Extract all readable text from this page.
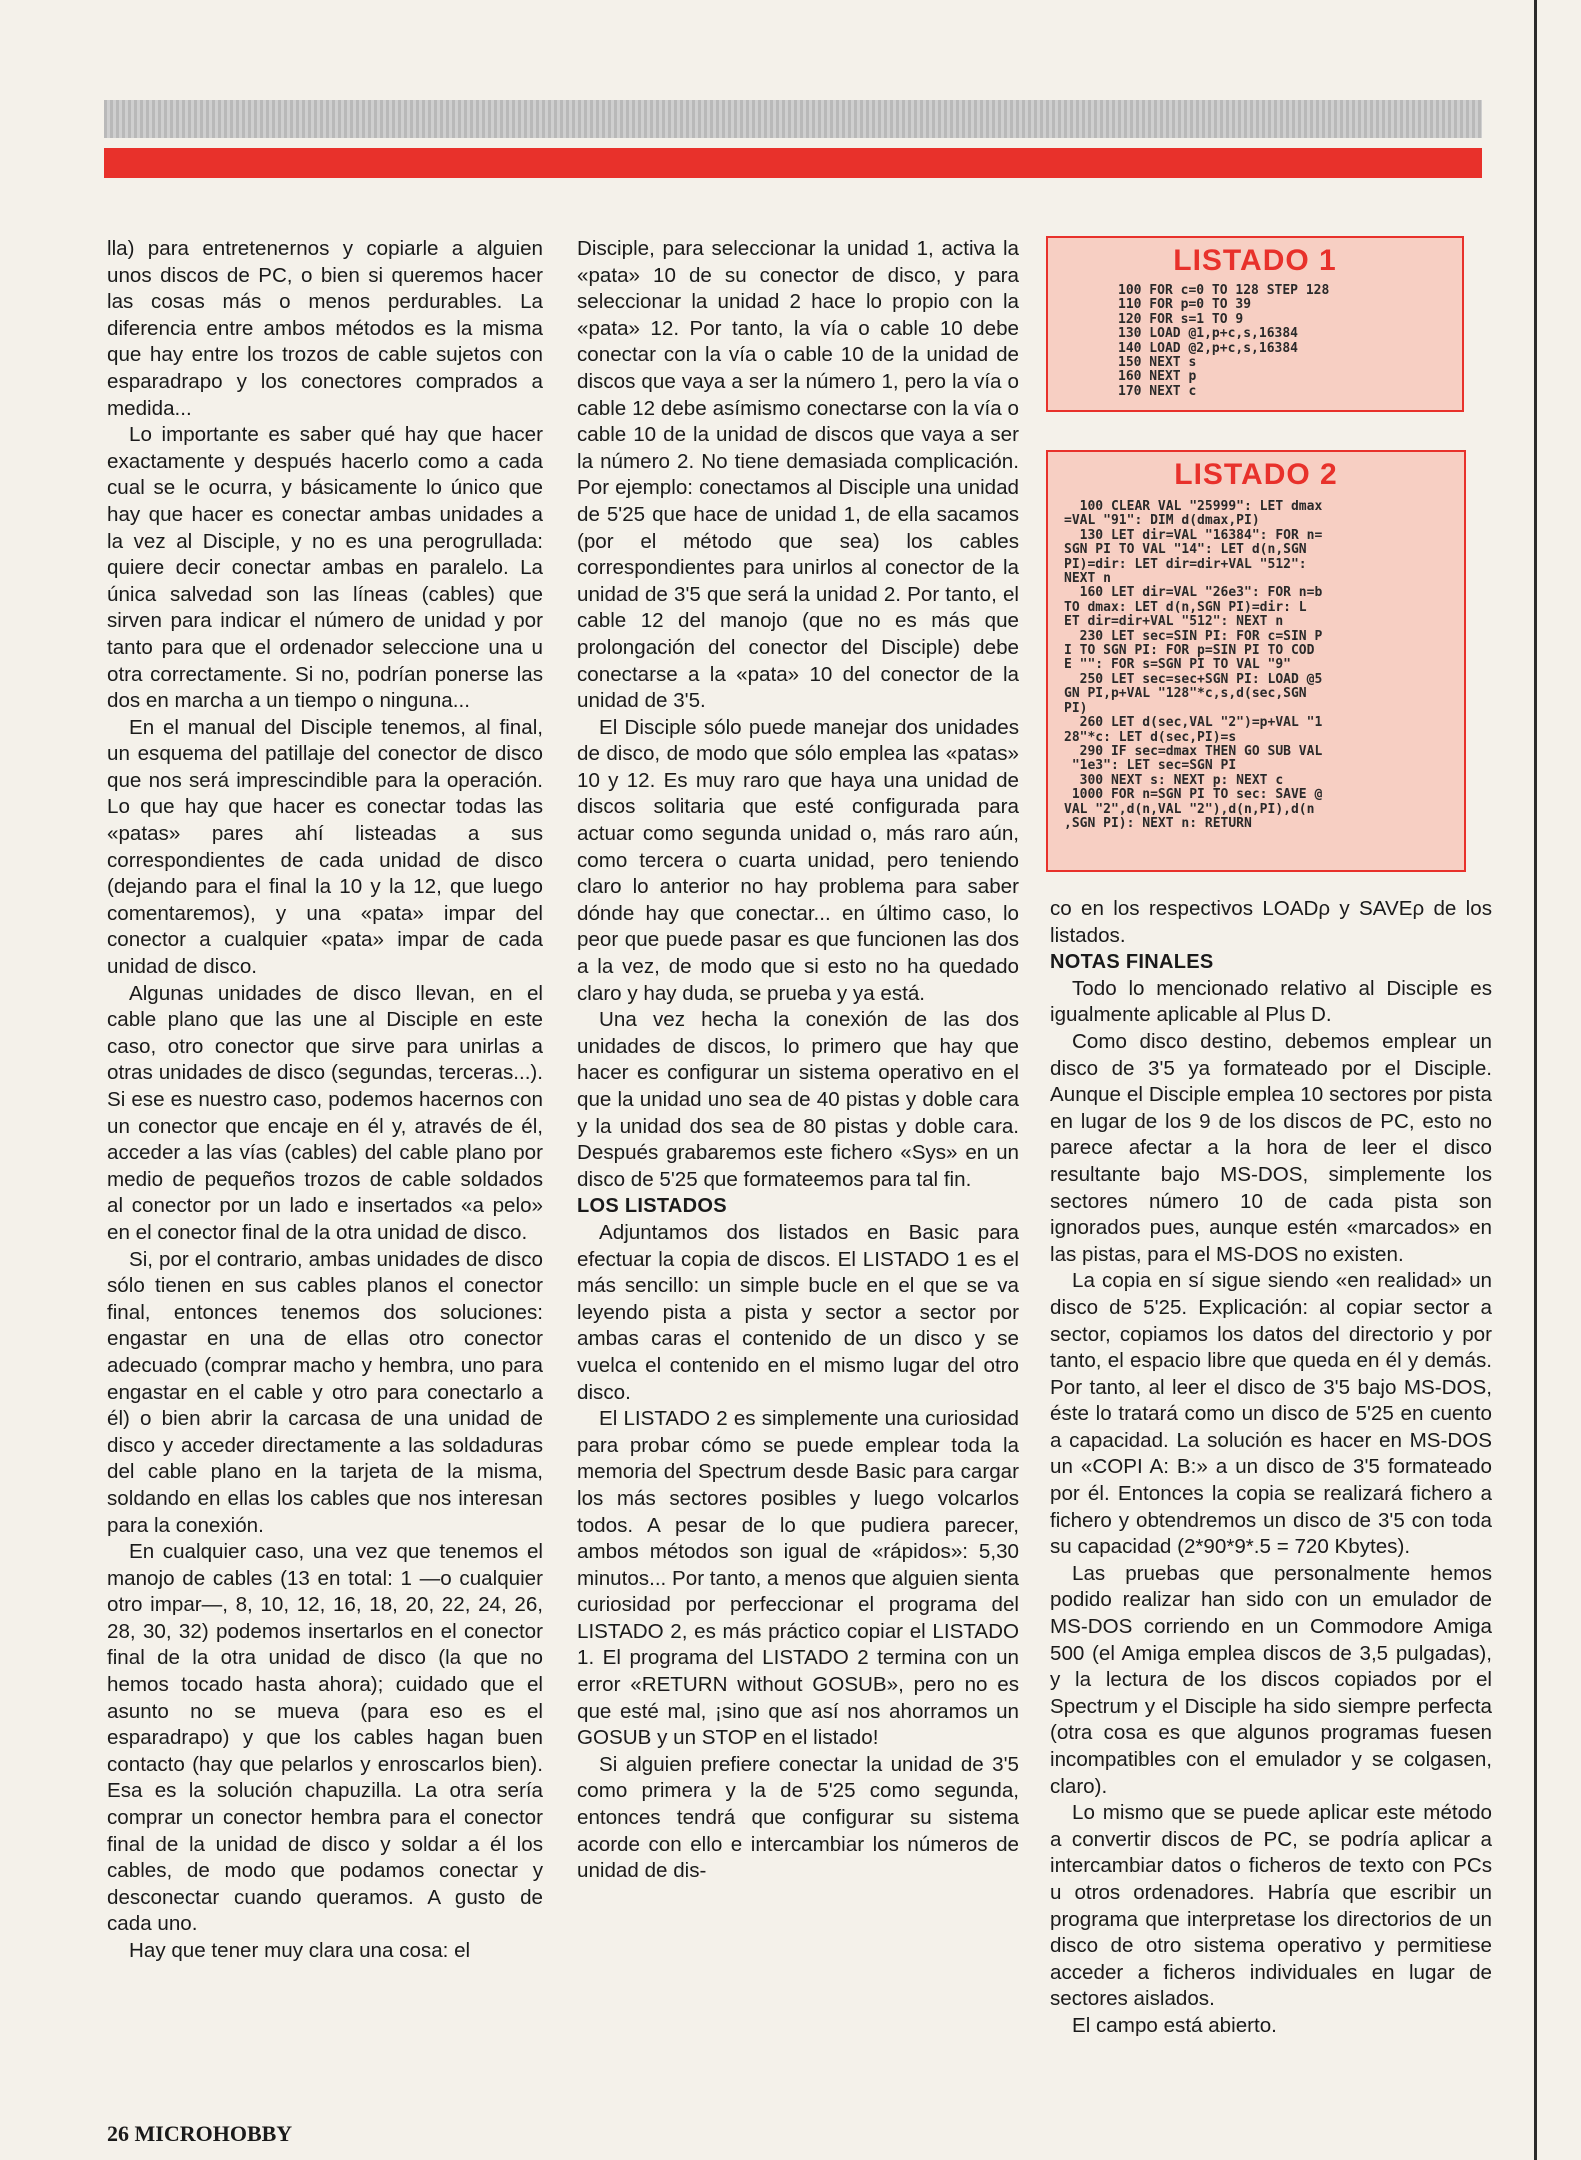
lla) para entretenernos y copiarle a alguien unos discos de PC, o bien si queremos hacer las cosas más o menos perdurables. La diferencia entre ambos métodos es la misma que hay entre los trozos de cable sujetos con esparadrapo y los conectores comprados a medida...

Lo importante es saber qué hay que hacer exactamente y después hacerlo como a cada cual se le ocurra, y básicamente lo único que hay que hacer es conectar ambas unidades a la vez al Disciple, y no es una perogrullada: quiere decir conectar ambas en paralelo. La única salvedad son las líneas (cables) que sirven para indicar el número de unidad y por tanto para que el ordenador seleccione una u otra correctamente. Si no, podrían ponerse las dos en marcha a un tiempo o ninguna...

En el manual del Disciple tenemos, al final, un esquema del patillaje del conector de disco que nos será imprescindible para la operación. Lo que hay que hacer es conectar todas las «patas» pares ahí listeadas a sus correspondientes de cada unidad de disco (dejando para el final la 10 y la 12, que luego comentaremos), y una «pata» impar del conector a cualquier «pata» impar de cada unidad de disco.

Algunas unidades de disco llevan, en el cable plano que las une al Disciple en este caso, otro conector que sirve para unirlas a otras unidades de disco (segundas, terceras...). Si ese es nuestro caso, podemos hacernos con un conector que encaje en él y, através de él, acceder a las vías (cables) del cable plano por medio de pequeños trozos de cable soldados al conector por un lado e insertados «a pelo» en el conector final de la otra unidad de disco.

Si, por el contrario, ambas unidades de disco sólo tienen en sus cables planos el conector final, entonces tenemos dos soluciones: engastar en una de ellas otro conector adecuado (comprar macho y hembra, uno para engastar en el cable y otro para conectarlo a él) o bien abrir la carcasa de una unidad de disco y acceder directamente a las soldaduras del cable plano en la tarjeta de la misma, soldando en ellas los cables que nos interesan para la conexión.

En cualquier caso, una vez que tenemos el manojo de cables (13 en total: 1 —o cualquier otro impar—, 8, 10, 12, 16, 18, 20, 22, 24, 26, 28, 30, 32) podemos insertarlos en el conector final de la otra unidad de disco (la que no hemos tocado hasta ahora); cuidado que el asunto no se mueva (para eso es el esparadrapo) y que los cables hagan buen contacto (hay que pelarlos y enroscarlos bien). Esa es la solución chapuzilla. La otra sería comprar un conector hembra para el conector final de la unidad de disco y soldar a él los cables, de modo que podamos conectar y desconectar cuando queramos. A gusto de cada uno.

Hay que tener muy clara una cosa: el

Disciple, para seleccionar la unidad 1, activa la «pata» 10 de su conector de disco, y para seleccionar la unidad 2 hace lo propio con la «pata» 12. Por tanto, la vía o cable 10 debe conectar con la vía o cable 10 de la unidad de discos que vaya a ser la número 1, pero la vía o cable 12 debe asímismo conectarse con la vía o cable 10 de la unidad de discos que vaya a ser la número 2. No tiene demasiada complicación. Por ejemplo: conectamos al Disciple una unidad de 5'25 que hace de unidad 1, de ella sacamos (por el método que sea) los cables correspondientes para unirlos al conector de la unidad de 3'5 que será la unidad 2. Por tanto, el cable 12 del manojo (que no es más que prolongación del conector del Disciple) debe conectarse a la «pata» 10 del conector de la unidad de 3'5.

El Disciple sólo puede manejar dos unidades de disco, de modo que sólo emplea las «patas» 10 y 12. Es muy raro que haya una unidad de discos solitaria que esté configurada para actuar como segunda unidad o, más raro aún, como tercera o cuarta unidad, pero teniendo claro lo anterior no hay problema para saber dónde hay que conectar... en último caso, lo peor que puede pasar es que funcionen las dos a la vez, de modo que si esto no ha quedado claro y hay duda, se prueba y ya está.

Una vez hecha la conexión de las dos unidades de discos, lo primero que hay que hacer es configurar un sistema operativo en el que la unidad uno sea de 40 pistas y doble cara y la unidad dos sea de 80 pistas y doble cara. Después grabaremos este fichero «Sys» en un disco de 5'25 que formateemos para tal fin.

LOS LISTADOS

Adjuntamos dos listados en Basic para efectuar la copia de discos. El LISTADO 1 es el más sencillo: un simple bucle en el que se va leyendo pista a pista y sector a sector por ambas caras el contenido de un disco y se vuelca el contenido en el mismo lugar del otro disco.

El LISTADO 2 es simplemente una curiosidad para probar cómo se puede emplear toda la memoria del Spectrum desde Basic para cargar los más sectores posibles y luego volcarlos todos. A pesar de lo que pudiera parecer, ambos métodos son igual de «rápidos»: 5,30 minutos... Por tanto, a menos que alguien sienta curiosidad por perfeccionar el programa del LISTADO 2, es más práctico copiar el LISTADO 1. El programa del LISTADO 2 termina con un error «RETURN without GOSUB», pero no es que esté mal, ¡sino que así nos ahorramos un GOSUB y un STOP en el listado!

Si alguien prefiere conectar la unidad de 3'5 como primera y la de 5'25 como segunda, entonces tendrá que configurar su sistema acorde con ello e intercambiar los números de unidad de dis-

LISTADO 1
100 FOR c=0 TO 128 STEP 128
110 FOR p=0 TO 39
120 FOR s=1 TO 9
130 LOAD @1,p+c,s,16384
140 LOAD @2,p+c,s,16384
150 NEXT s
160 NEXT p
170 NEXT c
LISTADO 2
100 CLEAR VAL "25999": LET dmax
=VAL "91": DIM d(dmax,PI)
130 LET dir=VAL "16384": FOR n=
SGN PI TO VAL "14": LET d(n,SGN
PI)=dir: LET dir=dir+VAL "512":
NEXT n
160 LET dir=VAL "26e3": FOR n=b
TO dmax: LET d(n,SGN PI)=dir: L
ET dir=dir+VAL "512": NEXT n
230 LET sec=SIN PI: FOR c=SIN P
I TO SGN PI: FOR p=SIN PI TO COD
E "": FOR s=SGN PI TO VAL "9"
250 LET sec=sec+SGN PI: LOAD @5
GN PI,p+VAL "128"*c,s,d(sec,SGN
PI)
260 LET d(sec,VAL "2")=p+VAL "1
28"*c: LET d(sec,PI)=s
290 IF sec=dmax THEN GO SUB VAL
"1e3": LET sec=SGN PI
300 NEXT s: NEXT p: NEXT c
1000 FOR n=SGN PI TO sec: SAVE @
VAL "2",d(n,VAL "2"),d(n,PI),d(n
,SGN PI): NEXT n: RETURN

co en los respectivos LOADρ y SAVEρ de los listados.

NOTAS FINALES

Todo lo mencionado relativo al Disciple es igualmente aplicable al Plus D.

Como disco destino, debemos emplear un disco de 3'5 ya formateado por el Disciple. Aunque el Disciple emplea 10 sectores por pista en lugar de los 9 de los discos de PC, esto no parece afectar a la hora de leer el disco resultante bajo MS-DOS, simplemente los sectores número 10 de cada pista son ignorados pues, aunque estén «marcados» en las pistas, para el MS-DOS no existen.

La copia en sí sigue siendo «en realidad» un disco de 5'25. Explicación: al copiar sector a sector, copiamos los datos del directorio y por tanto, el espacio libre que queda en él y demás. Por tanto, al leer el disco de 3'5 bajo MS-DOS, éste lo tratará como un disco de 5'25 en cuento a capacidad. La solución es hacer en MS-DOS un «COPI A: B:» a un disco de 3'5 formateado por él. Entonces la copia se realizará fichero a fichero y obtendremos un disco de 3'5 con toda su capacidad (2*90*9*.5 = 720 Kbytes).

Las pruebas que personalmente hemos podido realizar han sido con un emulador de MS-DOS corriendo en un Commodore Amiga 500 (el Amiga emplea discos de 3,5 pulgadas), y la lectura de los discos copiados por el Spectrum y el Disciple ha sido siempre perfecta (otra cosa es que algunos programas fuesen incompatibles con el emulador y se colgasen, claro).

Lo mismo que se puede aplicar este método a convertir discos de PC, se podría aplicar a intercambiar datos o ficheros de texto con PCs u otros ordenadores. Habría que escribir un programa que interpretase los directorios de un disco de otro sistema operativo y permitiese acceder a ficheros individuales en lugar de sectores aislados.

El campo está abierto.

26 MICROHOBBY
